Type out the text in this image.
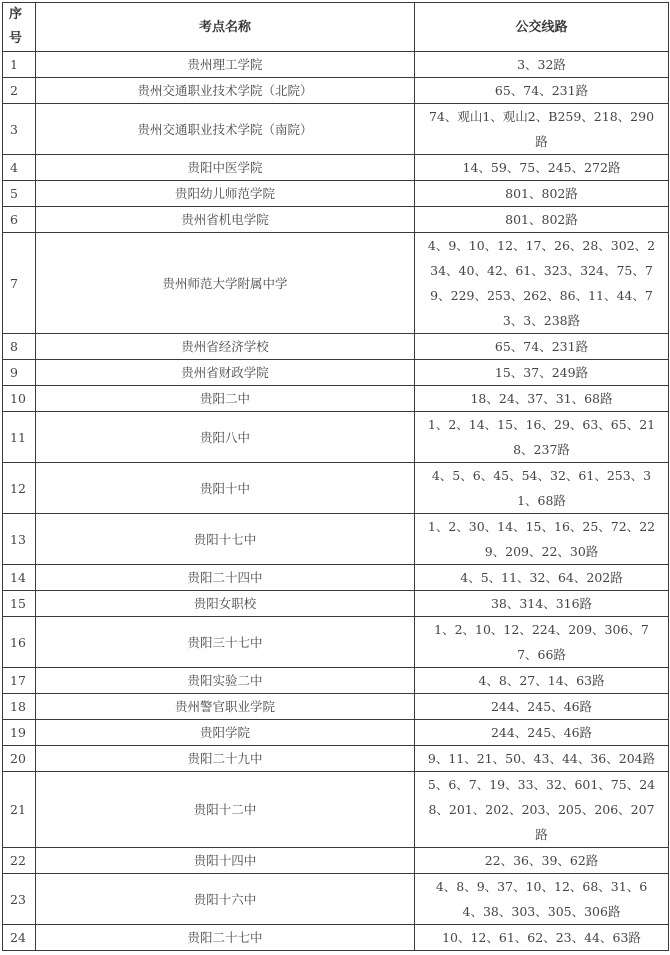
序
号	考点名称	公交线路
1	贵州理工学院	3、32路

2	贵州交通职业技术学院（北院）	65、74、231路

3	贵州交通职业技术学院（南院）	74、观山1、观山2、B259、218、290
路

4	贵阳中医学院	14、59、75、245、272路

5	贵阳幼儿师范学院	801、802路

6	贵州省机电学院	801、802路

7	贵州师范大学附属中学	4、9、10、12、17、26、28、302、2
34、40、42、61、323、324、75、7
9、229、253、262、86、11、44、7
3、3、238路

8	贵州省经济学校	65、74、231路

9	贵州省财政学院	15、37、249路

10	贵阳二中	18、24、37、31、68路

11	贵阳八中	1、2、14、15、16、29、63、65、21
8、237路

12	贵阳十中	4、5、6、45、54、32、61、253、3
1、68路

13	贵阳十七中	1、2、30、14、15、16、25、72、22
9、209、22、30路

14	贵阳二十四中	4、5、11、32、64、202路

15	贵阳女职校	38、314、316路

16	贵阳三十七中	1、2、10、12、224、209、306、7
7、66路

17	贵阳实验二中	4、8、27、14、63路

18	贵州警官职业学院	244、245、46路

19	贵阳学院	244、245、46路

20	贵阳二十九中	9、11、21、50、43、44、36、204路

21	贵阳十二中	5、6、7、19、33、32、601、75、24
8、201、202、203、205、206、207
路

22	贵阳十四中	22、36、39、62路

23	贵阳十六中	4、8、9、37、10、12、68、31、6
4、38、303、305、306路

24	贵阳二十七中	10、12、61、62、23、44、63路
